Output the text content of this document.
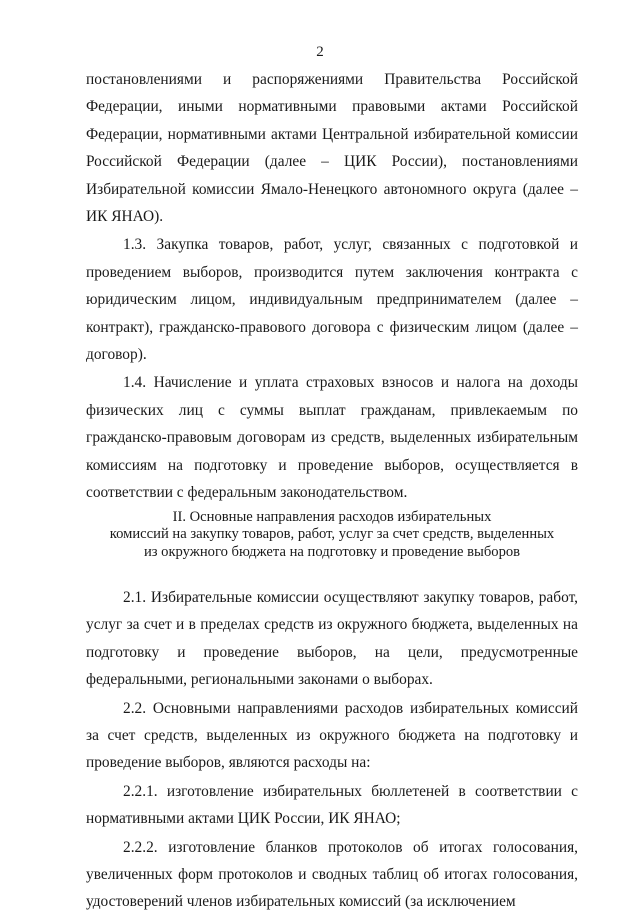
2

постановлениями и распоряжениями Правительства Российской Федерации, иными нормативными правовыми актами Российской Федерации, нормативными актами Центральной избирательной комиссии Российской Федерации (далее – ЦИК России), постановлениями Избирательной комиссии Ямало-Ненецкого автономного округа (далее – ИК ЯНАО).

1.3. Закупка товаров, работ, услуг, связанных с подготовкой и проведением выборов, производится путем заключения контракта с юридическим лицом, индивидуальным предпринимателем (далее – контракт), гражданско-правового договора с физическим лицом (далее – договор).

1.4. Начисление и уплата страховых взносов и налога на доходы физических лиц с суммы выплат гражданам, привлекаемым по гражданско-правовым договорам из средств, выделенных избирательным комиссиям на подготовку и проведение выборов, осуществляется в соответствии с федеральным законодательством.

II. Основные направления расходов избирательных
комиссий на закупку товаров, работ, услуг за счет средств, выделенных
из окружного бюджета на подготовку и проведение выборов

2.1. Избирательные комиссии осуществляют закупку товаров, работ, услуг за счет и в пределах средств из окружного бюджета, выделенных на подготовку и проведение выборов, на цели, предусмотренные федеральными, региональными законами о выборах.

2.2. Основными направлениями расходов избирательных комиссий за счет средств, выделенных из окружного бюджета на подготовку и проведение выборов, являются расходы на:

2.2.1. изготовление избирательных бюллетеней в соответствии с нормативными актами ЦИК России, ИК ЯНАО;

2.2.2. изготовление бланков протоколов об итогах голосования, увеличенных форм протоколов и сводных таблиц об итогах голосования, удостоверений членов избирательных комиссий (за исключением
